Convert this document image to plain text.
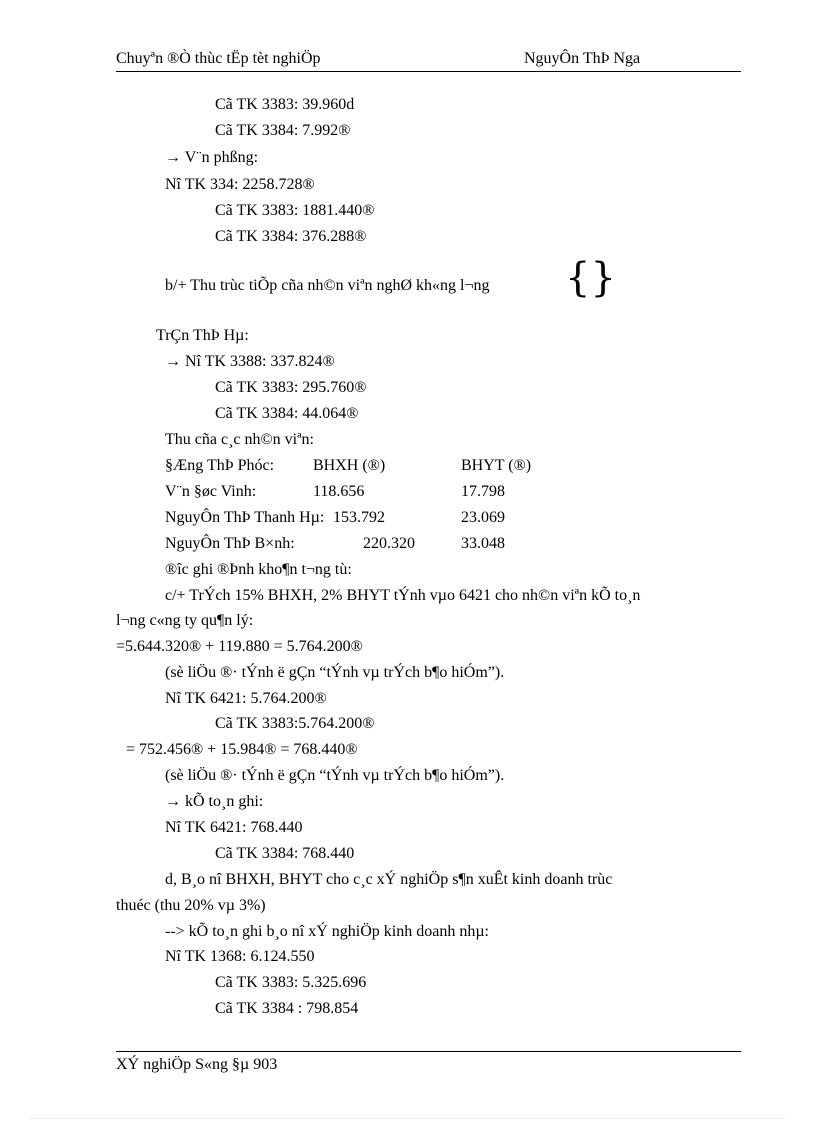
Chuyªn ®Ò thùc tËp tèt nghiÖp	NguyÔn ThÞ Nga
Cã TK 3383: 39.960d
Cã TK 3384: 7.992®
→ V¨n phßng:
Nî TK 334: 2258.728®
Cã TK 3383: 1881.440®
Cã TK 3384: 376.288®
b/+ Thu trùc tiÕp cña nh©n viªn nghØ kh«ng l¬ng {}
TrÇn ThÞ Hµ:
→ Nî TK 3388: 337.824®
Cã TK 3383: 295.760®
Cã TK 3384: 44.064®
Thu cña c¸c nh©n viªn:
§Æng ThÞ Phóc: BHXH (®)	BHYT (®)
V¨n §øc Vinh:	118.656	17.798
NguyÔn ThÞ Thanh Hµ: 153.792	23.069
NguyÔn ThÞ B×nh:	220.320	33.048
®îc ghi ®Þnh kho¶n t¬ng tù:
c/+ TrÝch 15% BHXH, 2% BHYT tÝnh vµo 6421 cho nh©n viªn kÕ to¸n
l¬ng c«ng ty qu¶n lý:
=5.644.320® + 119.880 = 5.764.200®
(sè liÖu ®· tÝnh ë gÇn “tÝnh vµ trÝch b¶o hiÓm”).
Nî TK 6421: 5.764.200®
Cã TK 3383:5.764.200®
= 752.456® + 15.984® = 768.440®
(sè liÖu ®· tÝnh ë gÇn “tÝnh vµ trÝch b¶o hiÓm”).
→ kÕ to¸n ghi:
Nî TK 6421: 768.440
Cã TK 3384: 768.440
d, B¸o nî BHXH, BHYT cho c¸c xÝ nghiÖp s¶n xuÊt kinh doanh trùc
thuéc (thu 20% vµ 3%)
--> kÕ to¸n ghi b¸o nî xÝ nghiÖp kinh doanh nhµ:
Nî TK 1368: 6.124.550
Cã TK 3383: 5.325.696
Cã TK 3384 : 798.854
XÝ nghiÖp S«ng §µ 903
